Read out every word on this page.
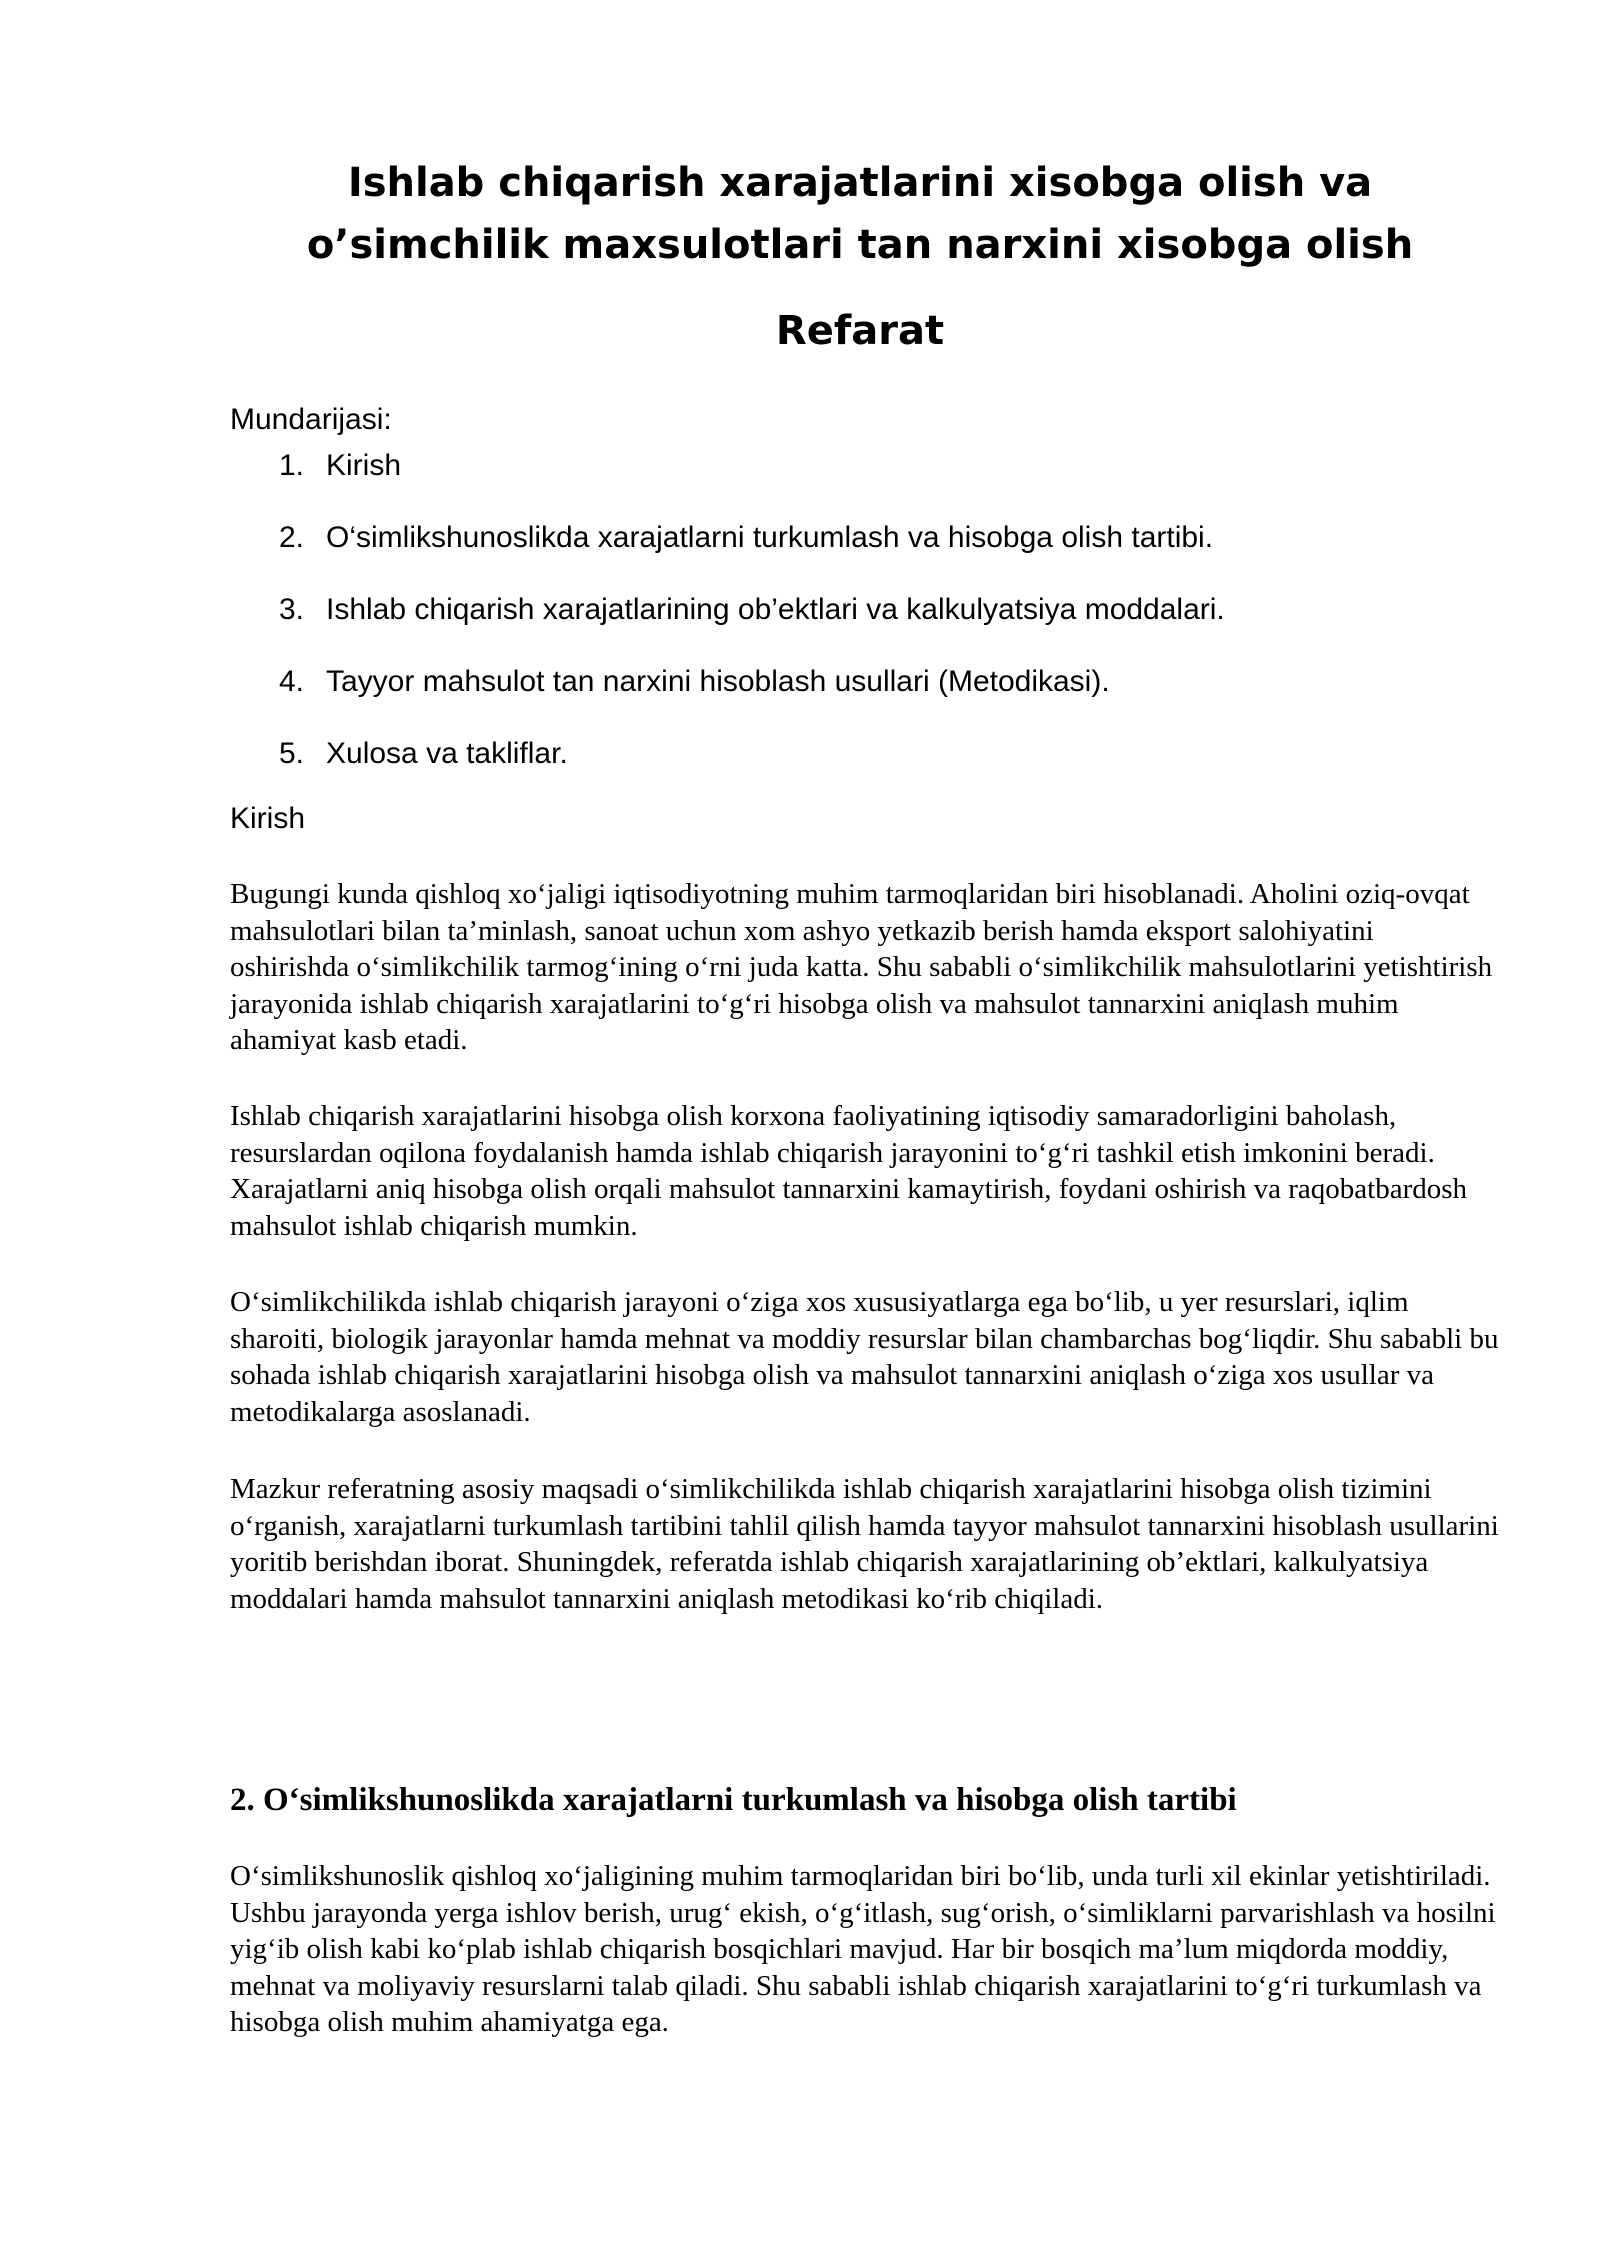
Ishlab chiqarish xarajatlarini xisobga olish va o’simchilik maxsulotlari tan narxini xisobga olish
Refarat

Mundarijasi:

1. Kirish
2. O‘simlikshunoslikda xarajatlarni turkumlash va hisobga olish tartibi.
3. Ishlab chiqarish xarajatlarining ob’ektlari va kalkulyatsiya moddalari.
4. Tayyor mahsulot tan narxini hisoblash usullari (Metodikasi).
5. Xulosa va takliflar.

Kirish

Bugungi kunda qishloq xo‘jaligi iqtisodiyotning muhim tarmoqlaridan biri hisoblanadi. Aholini oziq-ovqat mahsulotlari bilan ta’minlash, sanoat uchun xom ashyo yetkazib berish hamda eksport salohiyatini oshirishda o‘simlikchilik tarmog‘ining o‘rni juda katta. Shu sababli o‘simlikchilik mahsulotlarini yetishtirish jarayonida ishlab chiqarish xarajatlarini to‘g‘ri hisobga olish va mahsulot tannarxini aniqlash muhim ahamiyat kasb etadi.

Ishlab chiqarish xarajatlarini hisobga olish korxona faoliyatining iqtisodiy samaradorligini baholash, resurslardan oqilona foydalanish hamda ishlab chiqarish jarayonini to‘g‘ri tashkil etish imkonini beradi. Xarajatlarni aniq hisobga olish orqali mahsulot tannarxini kamaytirish, foydani oshirish va raqobatbardosh mahsulot ishlab chiqarish mumkin.

O‘simlikchilikda ishlab chiqarish jarayoni o‘ziga xos xususiyatlarga ega bo‘lib, u yer resurslari, iqlim sharoiti, biologik jarayonlar hamda mehnat va moddiy resurslar bilan chambarchas bog‘liqdir. Shu sababli bu sohada ishlab chiqarish xarajatlarini hisobga olish va mahsulot tannarxini aniqlash o‘ziga xos usullar va metodikalarga asoslanadi.

Mazkur referatning asosiy maqsadi o‘simlikchilikda ishlab chiqarish xarajatlarini hisobga olish tizimini o‘rganish, xarajatlarni turkumlash tartibini tahlil qilish hamda tayyor mahsulot tannarxini hisoblash usullarini yoritib berishdan iborat. Shuningdek, referatda ishlab chiqarish xarajatlarining ob’ektlari, kalkulyatsiya moddalari hamda mahsulot tannarxini aniqlash metodikasi ko‘rib chiqiladi.

2. O‘simlikshunoslikda xarajatlarni turkumlash va hisobga olish tartibi

O‘simlikshunoslik qishloq xo‘jaligining muhim tarmoqlaridan biri bo‘lib, unda turli xil ekinlar yetishtiriladi. Ushbu jarayonda yerga ishlov berish, urug‘ ekish, o‘g‘itlash, sug‘orish, o‘simliklarni parvarishlash va hosilni yig‘ib olish kabi ko‘plab ishlab chiqarish bosqichlari mavjud. Har bir bosqich ma’lum miqdorda moddiy, mehnat va moliyaviy resurslarni talab qiladi. Shu sababli ishlab chiqarish xarajatlarini to‘g‘ri turkumlash va hisobga olish muhim ahamiyatga ega.
